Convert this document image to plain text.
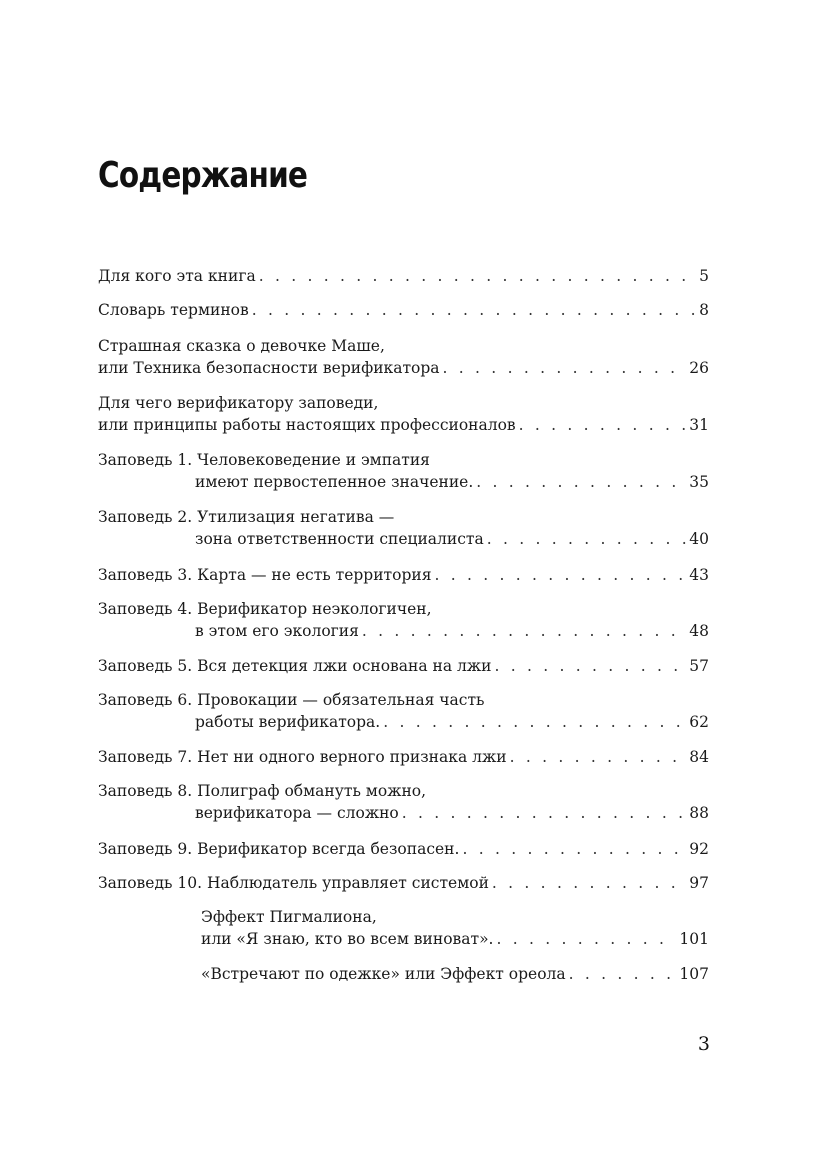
Содержание
Для кого эта книга . . .	5
Словарь терминов . . .	8
Страшная сказка о девочке Маше,
или Техника безопасности верификатора . . .	26
Для чего верификатору заповеди,
или принципы работы настоящих профессионалов . . .	31
Заповедь 1. Человековедение и эмпатия
имеют первостепенное значение. . . .	35
Заповедь 2. Утилизация негатива —
зона ответственности специалиста . . .	40
Заповедь 3. Карта — не есть территория . . .	43
Заповедь 4. Верификатор неэкологичен,
в этом его экология . . .	48
Заповедь 5. Вся детекция лжи основана на лжи . . .	57
Заповедь 6. Провокации — обязательная часть
работы верификатора. . . .	62
Заповедь 7. Нет ни одного верного признака лжи . . .	84
Заповедь 8. Полиграф обмануть можно,
верификатора — сложно . . .	88
Заповедь 9. Верификатор всегда безопасен. . . .	92
Заповедь 10. Наблюдатель управляет системой . . .	97
Эффект Пигмалиона,
или «Я знаю, кто во всем виноват». . . .	101
«Встречают по одежке» или Эффект ореола . . .	107
3
